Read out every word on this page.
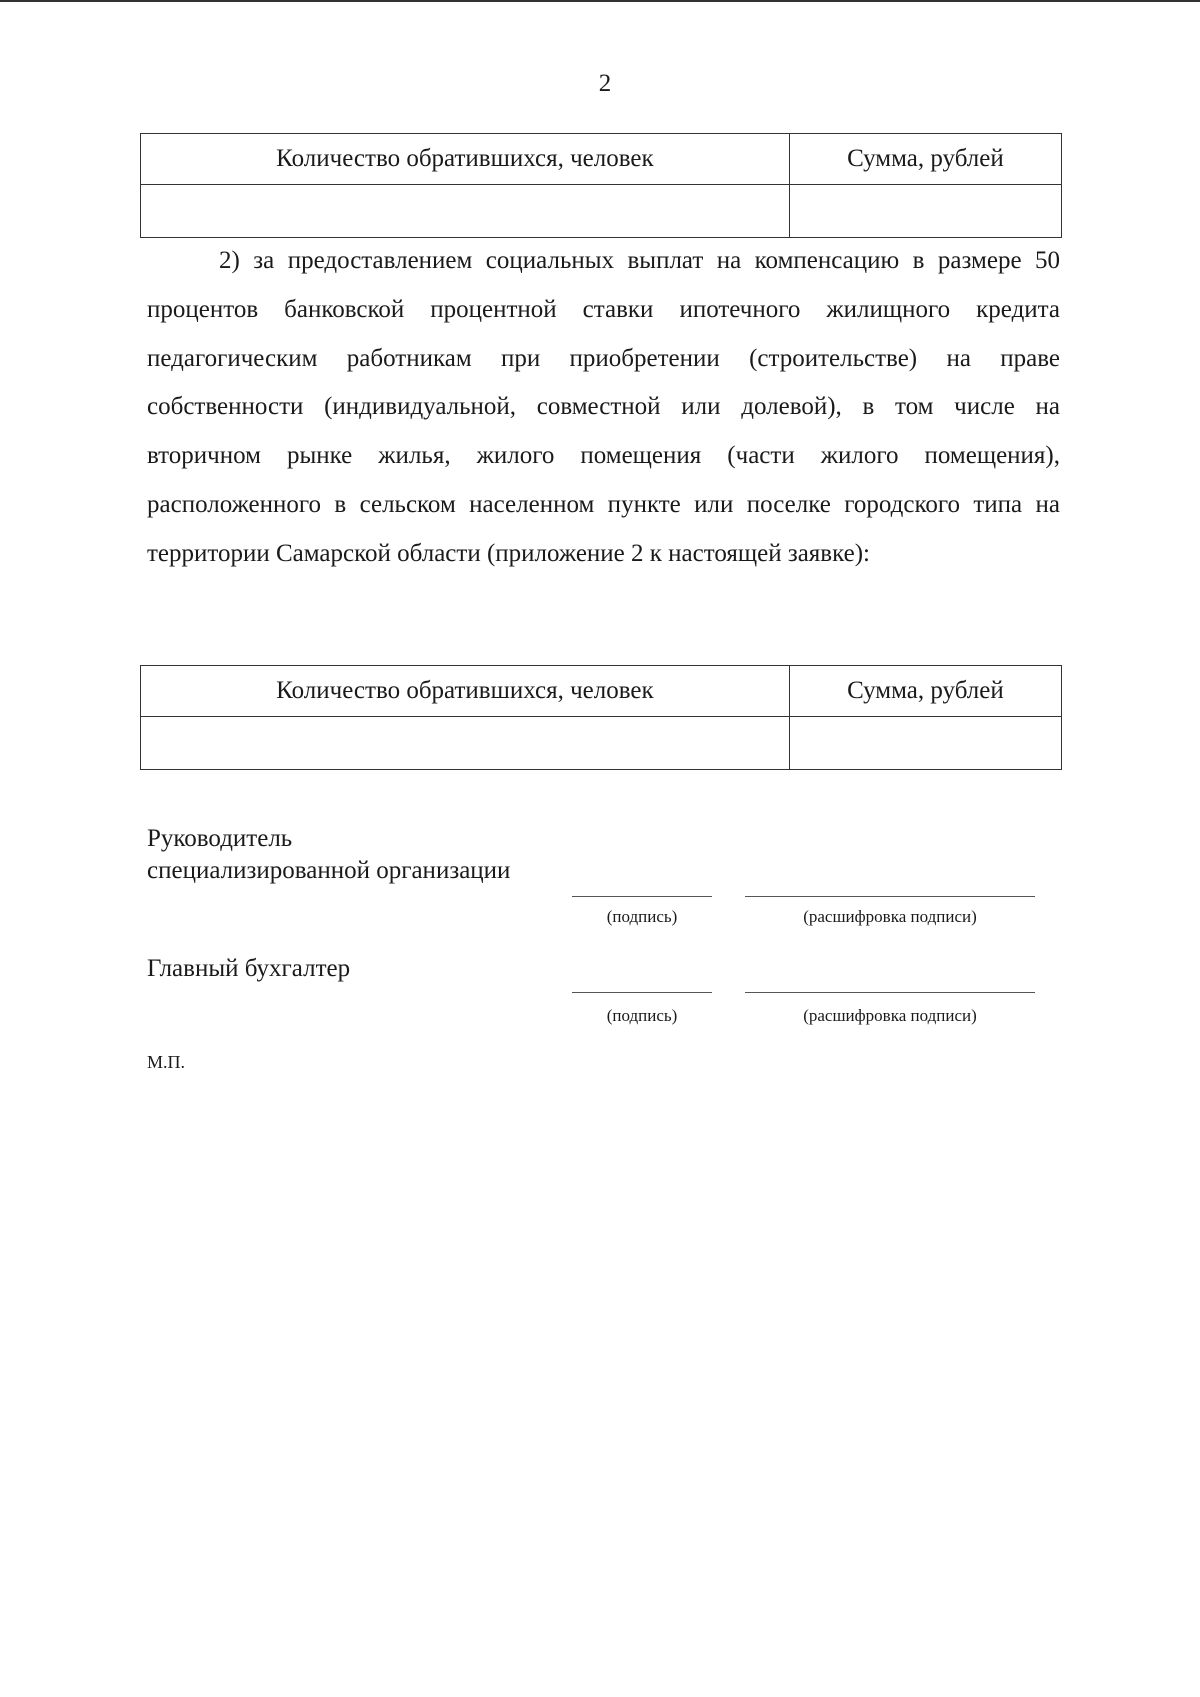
2
Количество обратившихся, человек	Сумма, рублей

2) за предоставлением социальных выплат на компенсацию в размере 50 процентов банковской процентной ставки ипотечного жилищного кредита педагогическим работникам при приобретении (строительстве) на праве собственности (индивидуальной, совместной или долевой), в том числе на вторичном рынке жилья, жилого помещения (части жилого помещения), расположенного в сельском населенном пункте или поселке городского типа на территории Самарской области (приложение 2 к настоящей заявке):

Количество обратившихся, человек	Сумма, рублей

Руководитель
специализированной организации
(подпись)	(расшифровка подписи)
Главный бухгалтер
(подпись)	(расшифровка подписи)
М.П.
